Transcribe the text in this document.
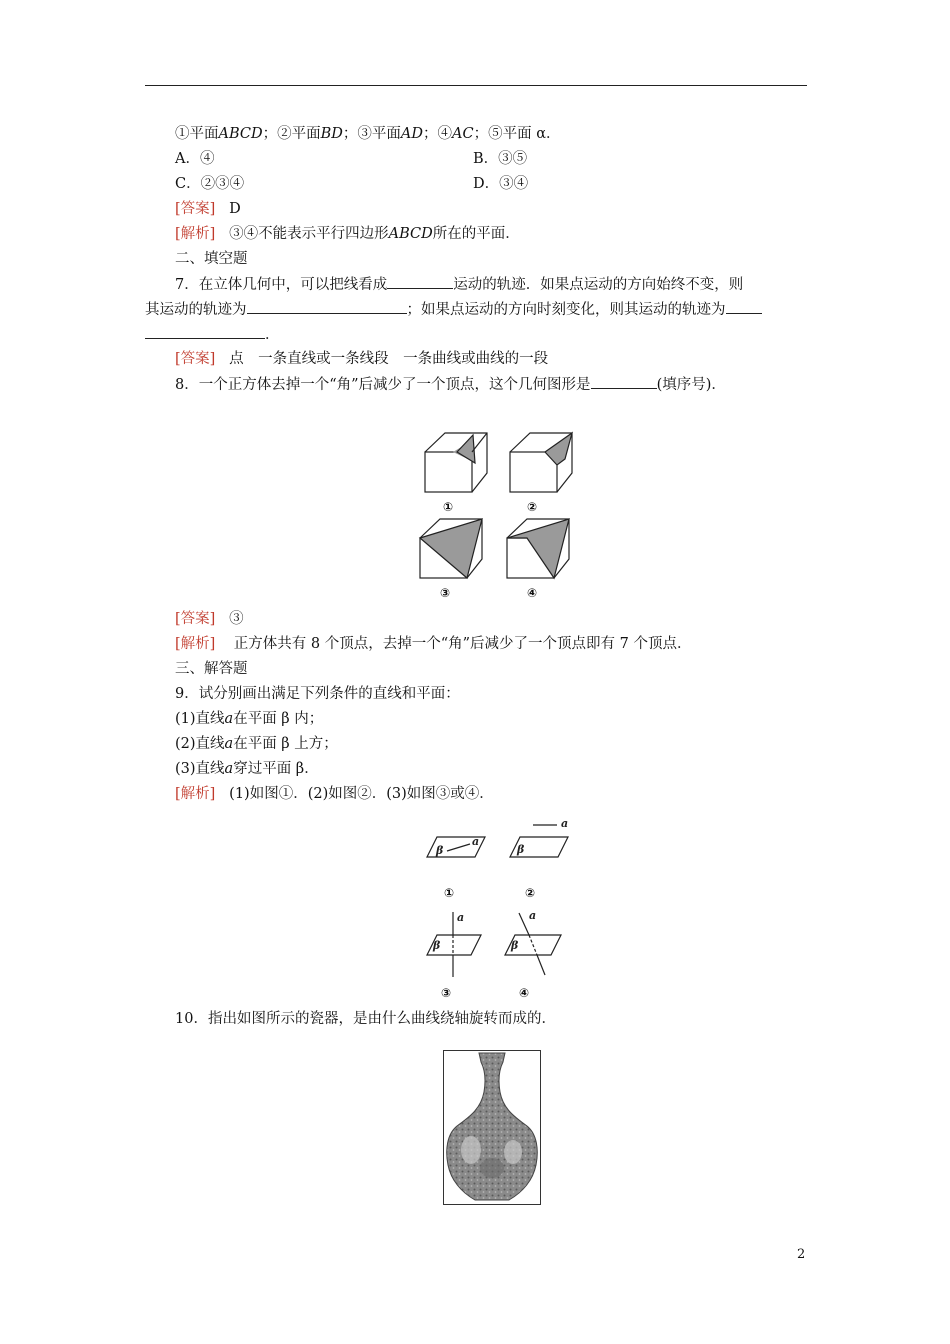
①平面ABCD；②平面BD；③平面AD；④AC；⑤平面 α．
A．④	B．③⑤
C．②③④	D．③④
[答案] D
[解析] ③④不能表示平行四边形ABCD所在的平面．
二、填空题
7．在立体几何中，可以把线看成	运动的轨迹．如果点运动的方向始终不变，则
其运动的轨迹为	；如果点运动的方向时刻变化，则其运动的轨迹为
．
[答案] 点　一条直线或一条线段　一条曲线或曲线的一段
8．一个正方体去掉一个“角”后减少了一个顶点，这个几何图形是	(填序号)．
①	②
③	④
[答案] ③
[解析] 正方体共有 8 个顶点，去掉一个“角”后减少了一个顶点即有 7 个顶点．
三、解答题
9．试分别画出满足下列条件的直线和平面：
(1)直线a在平面 β 内；
(2)直线a在平面 β 上方；
(3)直线a穿过平面 β．
[解析] (1)如图①．(2)如图②．(3)如图③或④．
β
a
a
β
a
β
a
β
①	②
③	④
10．指出如图所示的瓷器，是由什么曲线绕轴旋转而成的．
2
